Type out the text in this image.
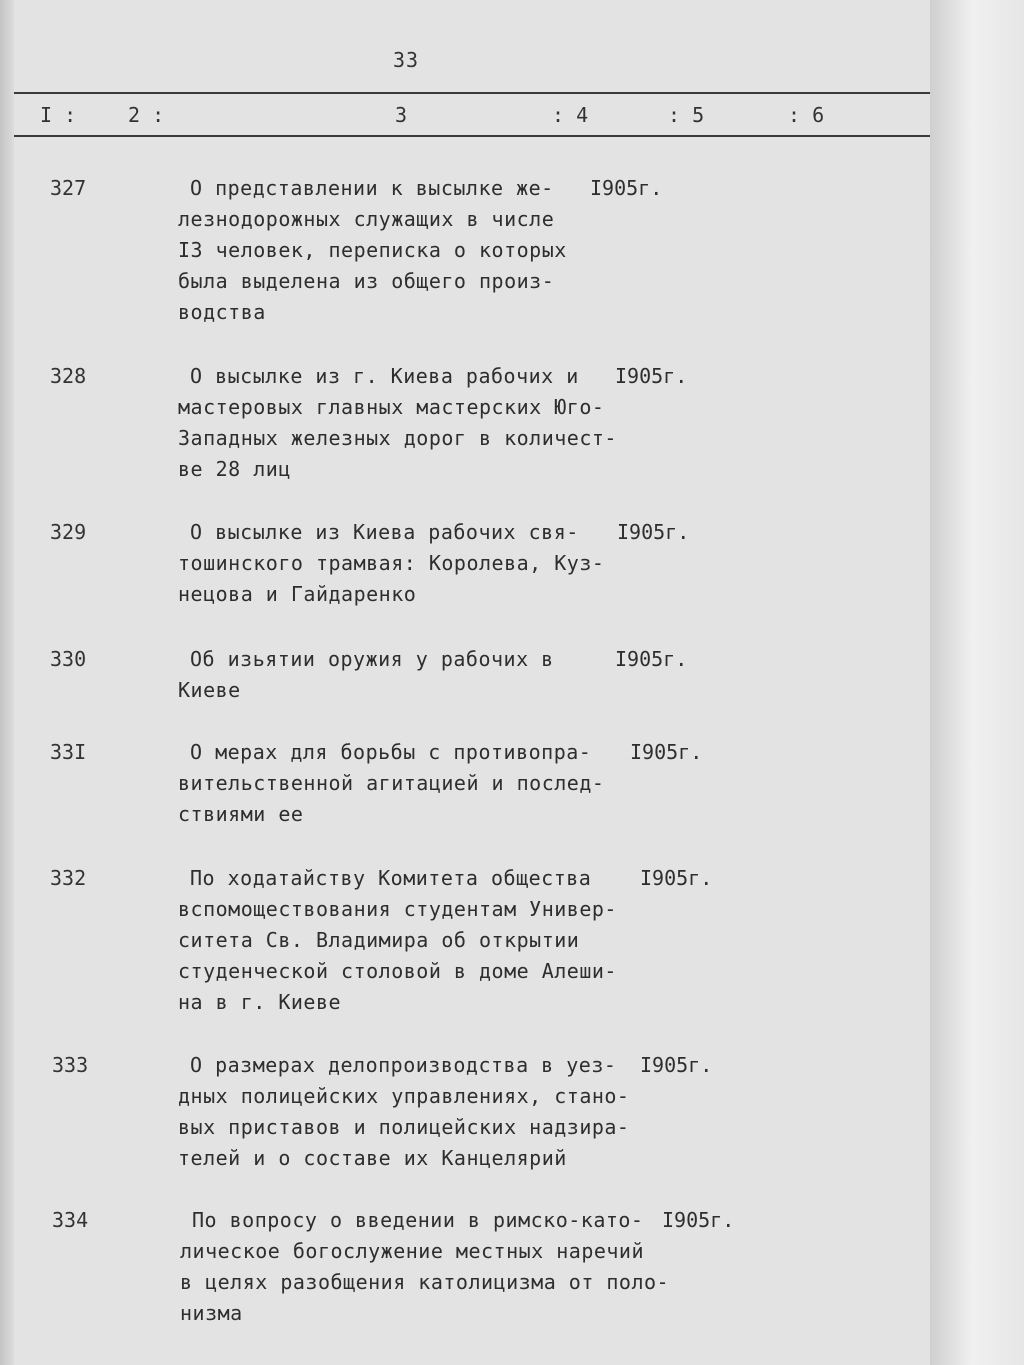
33
I :	2 :	3	: 4	: 5	: 6
327	О представлении к высылке же-
лезнодорожных служащих в числе
I3 человек, переписка о которых
была выделена из общего произ-
водства
I905г.
328	О высылке из г. Киева рабочих и
мастеровых главных мастерских Юго-
Западных железных дорог в количест-
ве 28 лиц
I905г.
329	О высылке из Киева рабочих свя-
тошинского трамвая: Королева, Куз-
нецова и Гайдаренко
I905г.
330	Об изьятии оружия у рабочих в
Киеве
I905г.
33I	О мерах для борьбы с противопра-
вительственной агитацией и послед-
ствиями ее
I905г.
332	По ходатайству Комитета общества
вспомоществования студентам Универ-
ситета Св. Владимира об открытии
студенческой столовой в доме Алеши-
на в г. Киеве
I905г.
333	О размерах делопроизводства в уез-
дных полицейских управлениях, стано-
вых приставов и полицейских надзира-
телей и о составе их Канцелярий
I905г.
334	По вопросу о введении в римско-като-
лическое богослужение местных наречий
в целях разобщения католицизма от поло-
низма
I905г.
